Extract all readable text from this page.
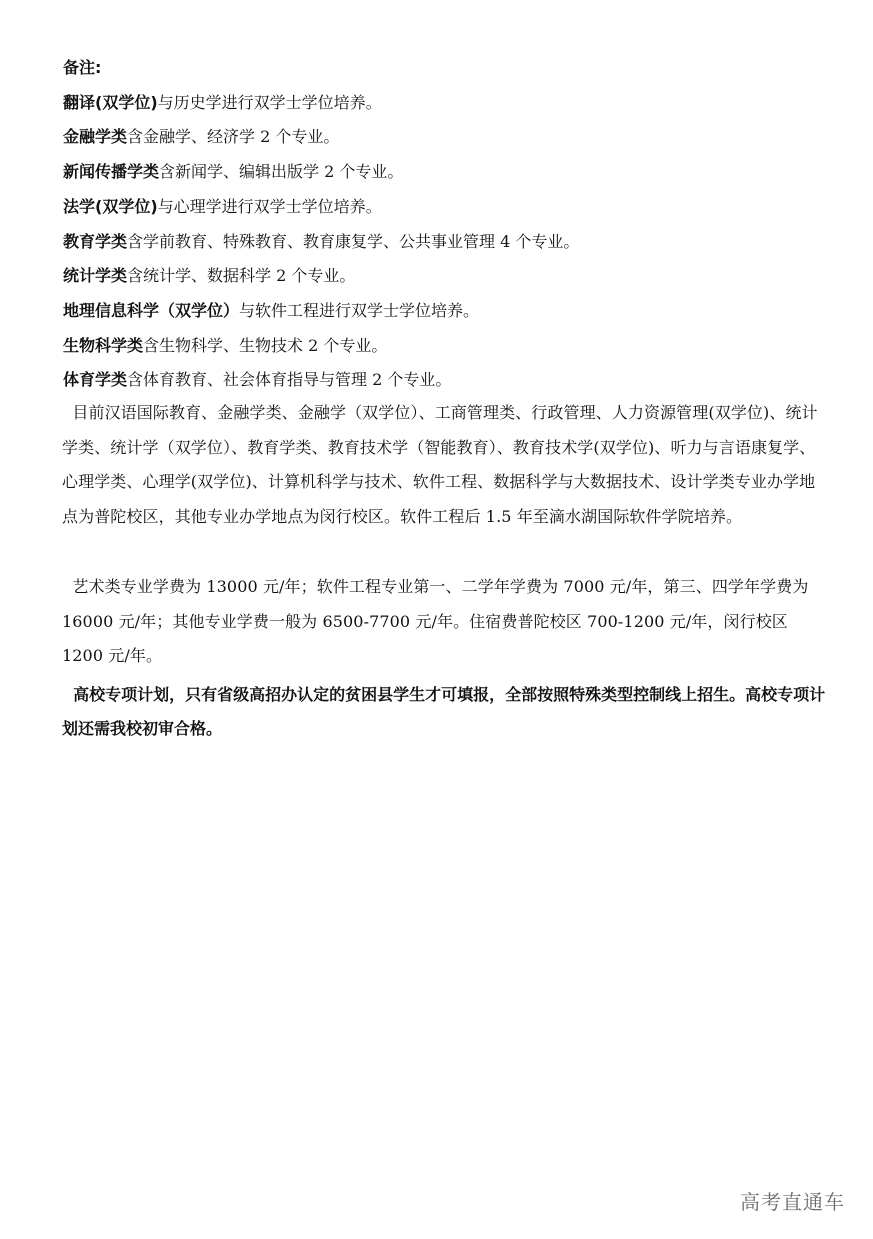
备注:
翻译(双学位)与历史学进行双学士学位培养。
金融学类含金融学、经济学 2 个专业。
新闻传播学类含新闻学、编辑出版学 2 个专业。
法学(双学位)与心理学进行双学士学位培养。
教育学类含学前教育、特殊教育、教育康复学、公共事业管理 4 个专业。
统计学类含统计学、数据科学 2 个专业。
地理信息科学（双学位）与软件工程进行双学士学位培养。
生物科学类含生物科学、生物技术 2 个专业。
体育学类含体育教育、社会体育指导与管理 2 个专业。

目前汉语国际教育、金融学类、金融学（双学位）、工商管理类、行政管理、人力资源管理(双学位)、统计学类、统计学（双学位）、教育学类、教育技术学（智能教育）、教育技术学(双学位)、听力与言语康复学、心理学类、心理学(双学位)、计算机科学与技术、软件工程、数据科学与大数据技术、设计学类专业办学地点为普陀校区，其他专业办学地点为闵行校区。软件工程后 1.5 年至滴水湖国际软件学院培养。

艺术类专业学费为 13000 元/年；软件工程专业第一、二学年学费为 7000 元/年，第三、四学年学费为 16000 元/年；其他专业学费一般为 6500-7700 元/年。住宿费普陀校区 700-1200 元/年，闵行校区 1200 元/年。

高校专项计划，只有省级高招办认定的贫困县学生才可填报，全部按照特殊类型控制线上招生。高校专项计划还需我校初审合格。

高考直通车
